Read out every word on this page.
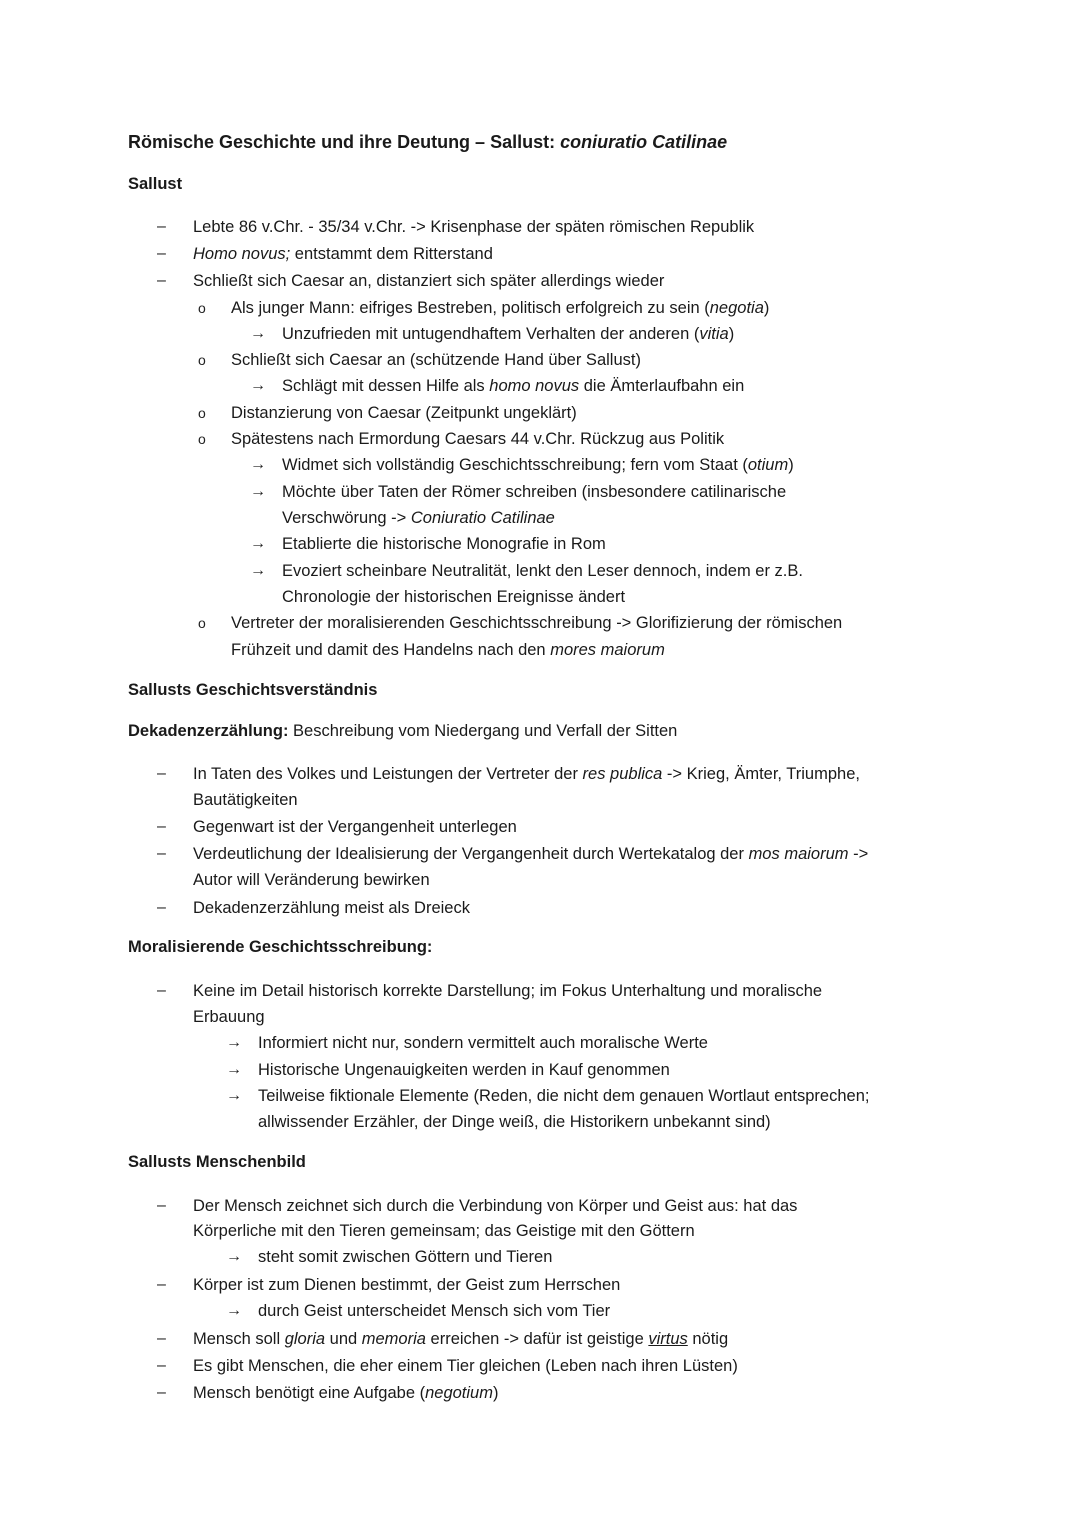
Römische Geschichte und ihre Deutung – Sallust: coniuratio Catilinae
Sallust
– Lebte 86 v.Chr. - 35/34 v.Chr. -> Krisenphase der späten römischen Republik
– Homo novus; entstammt dem Ritterstand
– Schließt sich Caesar an, distanziert sich später allerdings wieder
o Als junger Mann: eifriges Bestreben, politisch erfolgreich zu sein (negotia)
→ Unzufrieden mit untugendhaftem Verhalten der anderen (vitia)
o Schließt sich Caesar an (schützende Hand über Sallust)
→ Schlägt mit dessen Hilfe als homo novus die Ämterlaufbahn ein
o Distanzierung von Caesar (Zeitpunkt ungeklärt)
o Spätestens nach Ermordung Caesars 44 v.Chr. Rückzug aus Politik
→ Widmet sich vollständig Geschichtsschreibung; fern vom Staat (otium)
→ Möchte über Taten der Römer schreiben (insbesondere catilinarische
Verschwörung -> Coniuratio Catilinae
→ Etablierte die historische Monografie in Rom
→ Evoziert scheinbare Neutralität, lenkt den Leser dennoch, indem er z.B.
Chronologie der historischen Ereignisse ändert
o Vertreter der moralisierenden Geschichtsschreibung -> Glorifizierung der römischen
Frühzeit und damit des Handelns nach den mores maiorum
Sallusts Geschichtsverständnis
Dekadenzerzählung: Beschreibung vom Niedergang und Verfall der Sitten
– In Taten des Volkes und Leistungen der Vertreter der res publica -> Krieg, Ämter, Triumphe,
Bautätigkeiten
– Gegenwart ist der Vergangenheit unterlegen
– Verdeutlichung der Idealisierung der Vergangenheit durch Wertekatalog der mos maiorum ->
Autor will Veränderung bewirken
– Dekadenzerzählung meist als Dreieck
Moralisierende Geschichtsschreibung:
– Keine im Detail historisch korrekte Darstellung; im Fokus Unterhaltung und moralische
Erbauung
→ Informiert nicht nur, sondern vermittelt auch moralische Werte
→ Historische Ungenauigkeiten werden in Kauf genommen
→ Teilweise fiktionale Elemente (Reden, die nicht dem genauen Wortlaut entsprechen;
allwissender Erzähler, der Dinge weiß, die Historikern unbekannt sind)
Sallusts Menschenbild
– Der Mensch zeichnet sich durch die Verbindung von Körper und Geist aus: hat das
Körperliche mit den Tieren gemeinsam; das Geistige mit den Göttern
→ steht somit zwischen Göttern und Tieren
– Körper ist zum Dienen bestimmt, der Geist zum Herrschen
→ durch Geist unterscheidet Mensch sich vom Tier
– Mensch soll gloria und memoria erreichen -> dafür ist geistige virtus nötig
– Es gibt Menschen, die eher einem Tier gleichen (Leben nach ihren Lüsten)
– Mensch benötigt eine Aufgabe (negotium)
